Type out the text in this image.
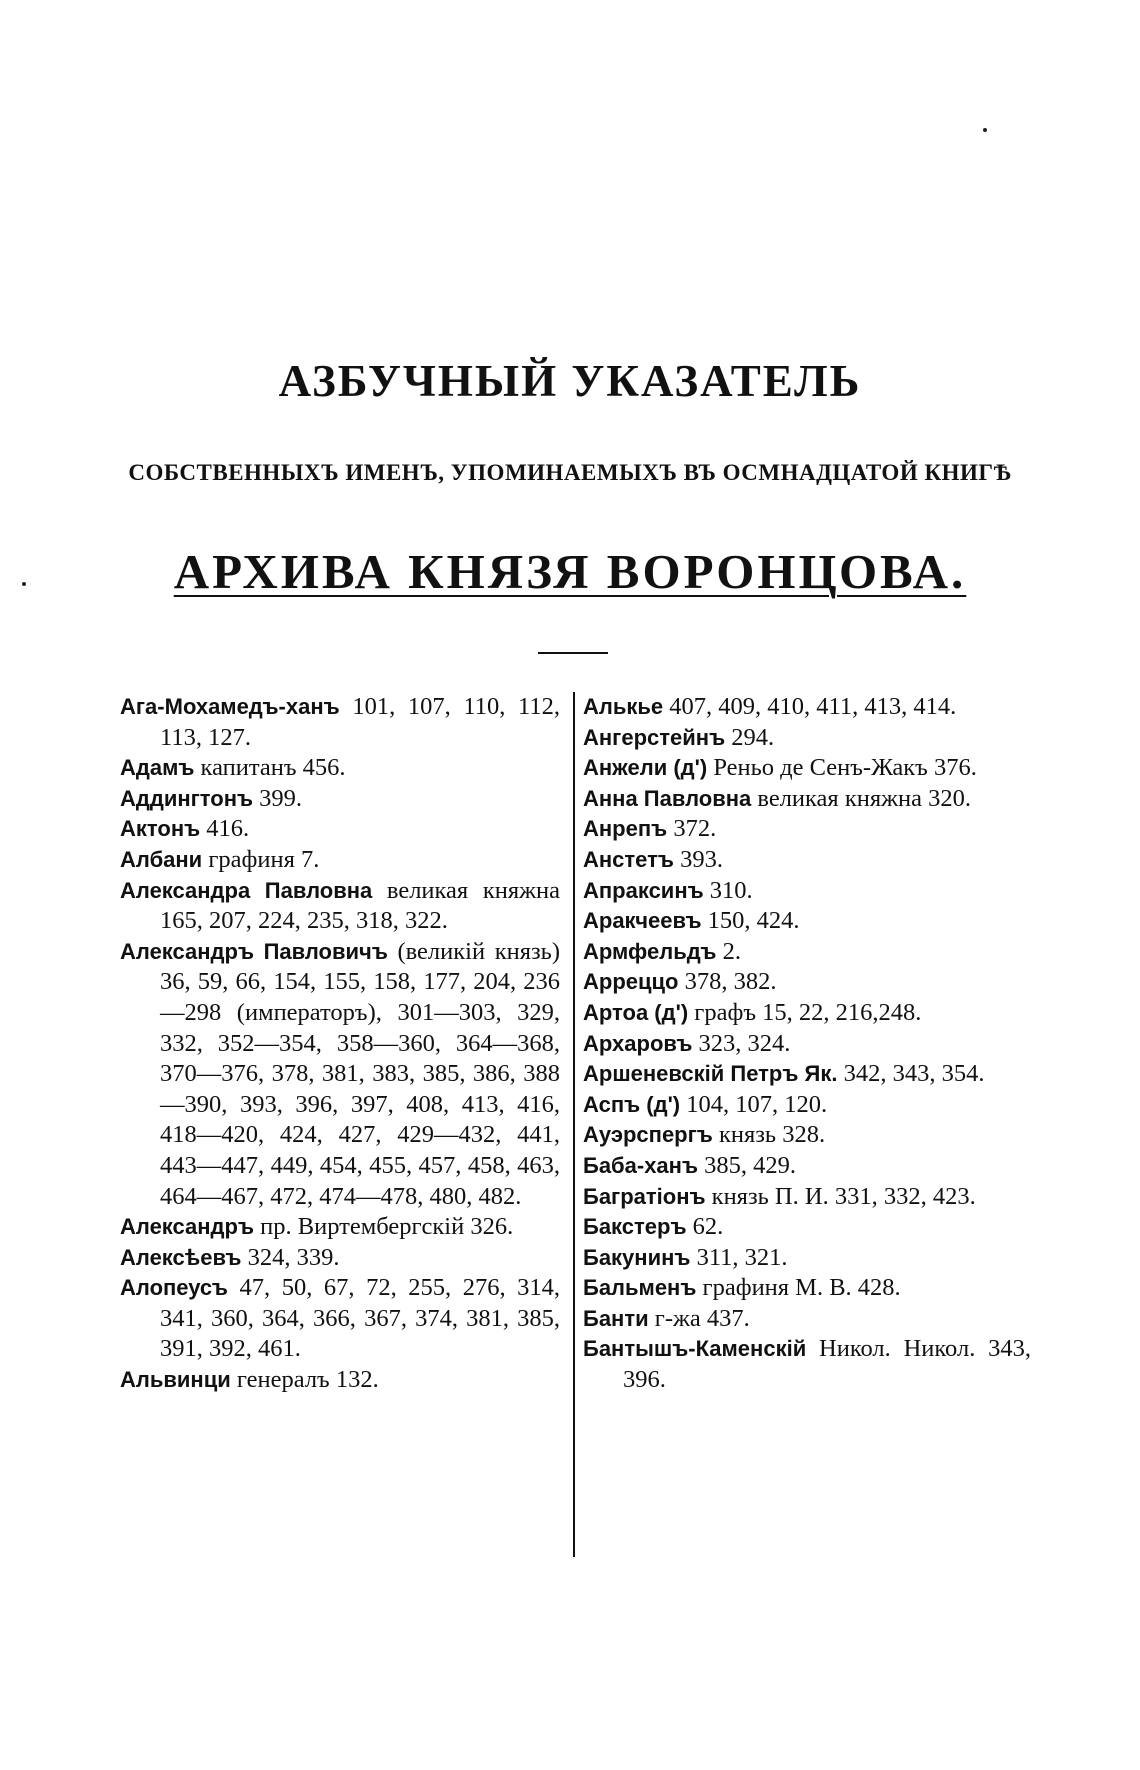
АЗБУЧНЫЙ УКАЗАТЕЛЬ
СОБСТВЕННЫХЪ ИМЕНЪ, УПОМИНАЕМЫХЪ ВЪ ОСМНАДЦАТОЙ КНИГѢ
АРХИВА КНЯЗЯ ВОРОНЦОВА.

Ага-Мохамедъ-ханъ 101, 107, 110, 112, 113, 127.

Адамъ капитанъ 456.

Аддингтонъ 399.

Актонъ 416.

Албани графиня 7.

Александра Павловна великая княжна 165, 207, 224, 235, 318, 322.

Александръ Павловичъ (великій князь) 36, 59, 66, 154, 155, 158, 177, 204, 236—298 (императоръ), 301—303, 329, 332, 352—354, 358—360, 364—368, 370—376, 378, 381, 383, 385, 386, 388—390, 393, 396, 397, 408, 413, 416, 418—420, 424, 427, 429—432, 441, 443—447, 449, 454, 455, 457, 458, 463, 464—467, 472, 474—478, 480, 482.

Александръ пр. Виртембергскій 326.

Алексѣевъ 324, 339.

Алопеусъ 47, 50, 67, 72, 255, 276, 314, 341, 360, 364, 366, 367, 374, 381, 385, 391, 392, 461.

Альвинци генералъ 132.

Алькье 407, 409, 410, 411, 413, 414.

Ангерстейнъ 294.

Анжели (д') Реньо де Сенъ-Жакъ 376.

Анна Павловна великая княжна 320.

Анрепъ 372.

Анстетъ 393.

Апраксинъ 310.

Аракчеевъ 150, 424.

Армфельдъ 2.

Арреццо 378, 382.

Артоа (д') графъ 15, 22, 216,248.

Архаровъ 323, 324.

Аршеневскій Петръ Як. 342, 343, 354.

Аспъ (д') 104, 107, 120.

Ауэрспергъ князь 328.

Баба-ханъ 385, 429.

Багратіонъ князь П. И. 331, 332, 423.

Бакстеръ 62.

Бакунинъ 311, 321.

Бальменъ графиня М. В. 428.

Банти г-жа 437.

Бантышъ-Каменскій Никол. Никол. 343, 396.
